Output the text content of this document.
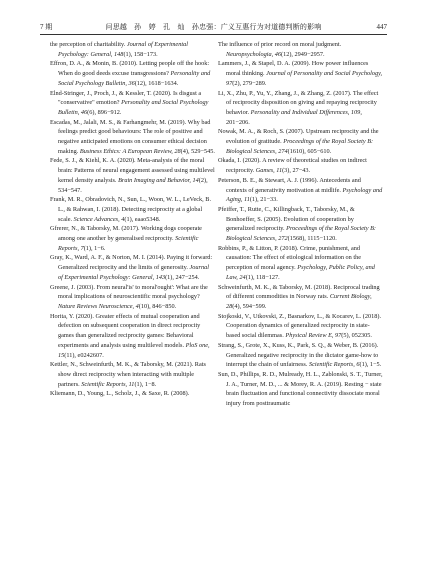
7 期	问思越　孙　婷　孔　灿　孙忠强：广义互惠行为对道德判断的影响	447

the perception of charitability. Journal of Experimental Psychology: General, 148(1), 158−173.

Effron, D. A., & Monin, B. (2010). Letting people off the hook: When do good deeds excuse transgressions? Personality and Social Psychology Bulletin, 36(12), 1618−1634.

Elnd-Stringer, J., Proch, J., & Kessler, T. (2020). Is disgust a "conservative" emotion? Personality and Social Psychology Bulletin, 46(6), 896−912.

Escadas, M., Jalali, M. S., & Farhangmehr, M. (2019). Why bad feelings predict good behaviours: The role of positive and negative anticipated emotions on consumer ethical decision making. Business Ethics: A European Review, 28(4), 529−545.

Fede, S. J., & Kiehl, K. A. (2020). Meta-analysis of the moral brain: Patterns of neural engagement assessed using multilevel kernel density analysis. Brain Imaging and Behavior, 14(2), 534−547.

Frank, M. R., Obradovich, N., Sun, L., Woon, W. L., LeVeck, B. L., & Rahwan, I. (2018). Detecting reciprocity at a global scale. Science Advances, 4(1), eaao5348.

Gfrerer, N., & Taborsky, M. (2017). Working dogs cooperate among one another by generalised reciprocity. Scientific Reports, 7(1), 1−6.

Gray, K., Ward, A. F., & Norton, M. I. (2014). Paying it forward: Generalized reciprocity and the limits of generosity. Journal of Experimental Psychology: General, 143(1), 247−254.

Greene, J. (2003). From neural'is' to moral'ought': What are the moral implications of neuroscientific moral psychology? Nature Reviews Neuroscience, 4(10), 846−850.

Horita, Y. (2020). Greater effects of mutual cooperation and defection on subsequent cooperation in direct reciprocity games than generalized reciprocity games: Behavioral experiments and analysis using multilevel models. PloS one, 15(11), e0242607.

Kettler, N., Schweinfurth, M. K., & Taborsky, M. (2021). Rats show direct reciprocity when interacting with multiple partners. Scientific Reports, 11(1), 1−8.

Kliemann, D., Young, L., Scholz, J., & Saxe, R. (2008).

The influence of prior record on moral judgment. Neuropsychologia, 46(12), 2949−2957.

Lammers, J., & Stapel, D. A. (2009). How power influences moral thinking. Journal of Personality and Social Psychology, 97(2), 279−289.

Li, X., Zhu, P., Yu, Y., Zhang, J., & Zhang, Z. (2017). The effect of reciprocity disposition on giving and repaying reciprocity behavior. Personality and Individual Differences, 109, 201−206.

Nowak, M. A., & Roch, S. (2007). Upstream reciprocity and the evolution of gratitude. Proceedings of the Royal Society B: Biological Sciences, 274(1610), 605−610.

Okada, I. (2020). A review of theoretical studies on indirect reciprocity. Games, 11(3), 27−43.

Peterson, B. E., & Stewart, A. J. (1996). Antecedents and contexts of generativity motivation at midlife. Psychology and Aging, 11(1), 21−33.

Pfeiffer, T., Rutte, C., Killingback, T., Taborsky, M., & Bonhoeffer, S. (2005). Evolution of cooperation by generalized reciprocity. Proceedings of the Royal Society B: Biological Sciences, 272(1568), 1115−1120.

Robbins, P., & Litton, P. (2018). Crime, punishment, and causation: The effect of etiological information on the perception of moral agency. Psychology, Public Policy, and Law, 24(1), 118−127.

Schweinfurth, M. K., & Taborsky, M. (2018). Reciprocal trading of different commodities in Norway rats. Current Biology, 28(4), 594−599.

Stojkoski, V., Utkovski, Z., Basnarkov, L., & Kocarev, L. (2018). Cooperation dynamics of generalized reciprocity in state-based social dilemmas. Physical Review E, 97(5), 052305.

Strang, S., Grote, X., Kuss, K., Park, S. Q., & Weber, B. (2016). Generalized negative reciprocity in the dictator game-how to interrupt the chain of unfairness. Scientific Reports, 6(1), 1−5.

Sun, D., Phillips, R. D., Mulready, H. L., Zablonski, S. T., Turner, J. A., Turner, M. D., ... & Morey, R. A. (2019). Resting − state brain fluctuation and functional connectivity dissociate moral injury from posttraumatic
